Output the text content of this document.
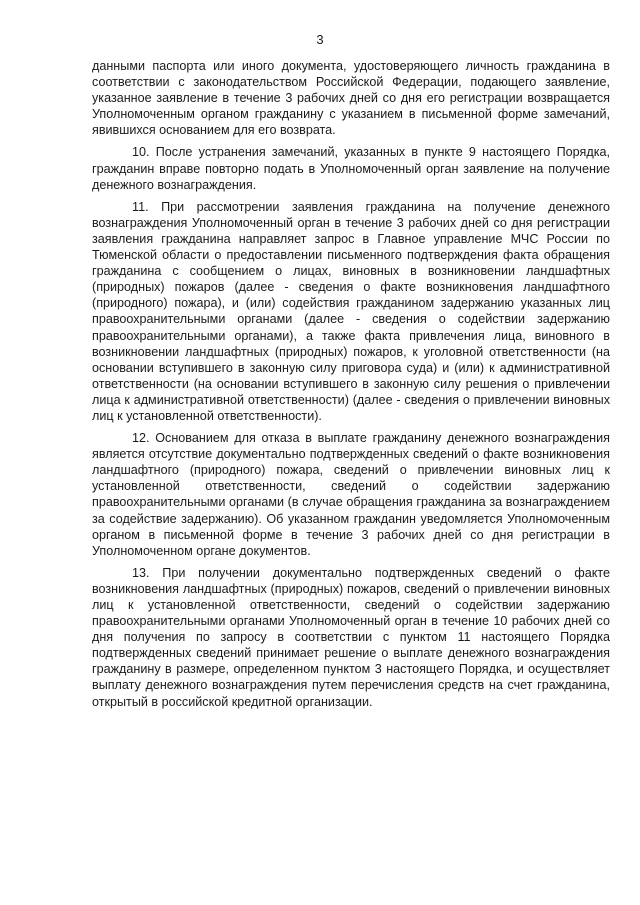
3

данными паспорта или иного документа, удостоверяющего личность гражданина в соответствии с законодательством Российской Федерации, подающего заявление, указанное заявление в течение 3 рабочих дней со дня его регистрации возвращается Уполномоченным органом гражданину с указанием в письменной форме замечаний, явившихся основанием для его возврата.

10. После устранения замечаний, указанных в пункте 9 настоящего Порядка, гражданин вправе повторно подать в Уполномоченный орган заявление на получение денежного вознаграждения.

11. При рассмотрении заявления гражданина на получение денежного вознаграждения Уполномоченный орган в течение 3 рабочих дней со дня регистрации заявления гражданина направляет запрос в Главное управление МЧС России по Тюменской области о предоставлении письменного подтверждения факта обращения гражданина с сообщением о лицах, виновных в возникновении ландшафтных (природных) пожаров (далее - сведения о факте возникновения ландшафтного (природного) пожара), и (или) содействия гражданином задержанию указанных лиц правоохранительными органами (далее - сведения о содействии задержанию правоохранительными органами), а также факта привлечения лица, виновного в возникновении ландшафтных (природных) пожаров, к уголовной ответственности (на основании вступившего в законную силу приговора суда) и (или) к административной ответственности (на основании вступившего в законную силу решения о привлечении лица к административной ответственности) (далее - сведения о привлечении виновных лиц к установленной ответственности).

12. Основанием для отказа в выплате гражданину денежного вознаграждения является отсутствие документально подтвержденных сведений о факте возникновения ландшафтного (природного) пожара, сведений о привлечении виновных лиц к установленной ответственности, сведений о содействии задержанию правоохранительными органами (в случае обращения гражданина за вознаграждением за содействие задержанию). Об указанном гражданин уведомляется Уполномоченным органом в письменной форме в течение 3 рабочих дней со дня регистрации в Уполномоченном органе документов.

13. При получении документально подтвержденных сведений о факте возникновения ландшафтных (природных) пожаров, сведений о привлечении виновных лиц к установленной ответственности, сведений о содействии задержанию правоохранительными органами Уполномоченный орган в течение 10 рабочих дней со дня получения по запросу в соответствии с пунктом 11 настоящего Порядка подтвержденных сведений принимает решение о выплате денежного вознаграждения гражданину в размере, определенном пунктом 3 настоящего Порядка, и осуществляет выплату денежного вознаграждения путем перечисления средств на счет гражданина, открытый в российской кредитной организации.
